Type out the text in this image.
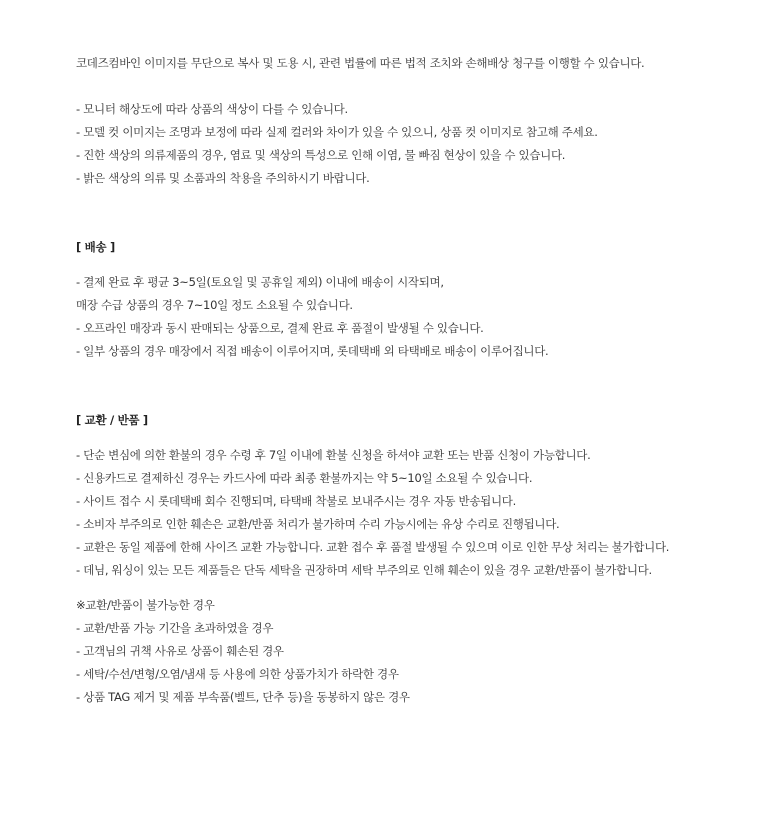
코데즈컴바인 이미지를 무단으로 복사 및 도용 시, 관련 법률에 따른 법적 조치와 손해배상 청구를 이행할 수 있습니다.
- 모니터 해상도에 따라 상품의 색상이 다를 수 있습니다.
- 모델 컷 이미지는 조명과 보정에 따라 실제 컬러와 차이가 있을 수 있으니, 상품 컷 이미지로 참고해 주세요.
- 진한 색상의 의류제품의 경우, 염료 및 색상의 특성으로 인해 이염, 물 빠짐 현상이 있을 수 있습니다.
- 밝은 색상의 의류 및 소품과의 착용을 주의하시기 바랍니다.
[ 배송 ]
- 결제 완료 후 평균 3~5일(토요일 및 공휴일 제외) 이내에 배송이 시작되며,
매장 수급 상품의 경우 7~10일 정도 소요될 수 있습니다.
- 오프라인 매장과 동시 판매되는 상품으로, 결제 완료 후 품절이 발생될 수 있습니다.
- 일부 상품의 경우 매장에서 직접 배송이 이루어지며, 롯데택배 외 타택배로 배송이 이루어집니다.
[ 교환 / 반품 ]
- 단순 변심에 의한 환불의 경우 수령 후 7일 이내에 환불 신청을 하셔야 교환 또는 반품 신청이 가능합니다.
- 신용카드로 결제하신 경우는 카드사에 따라 최종 환불까지는 약 5~10일 소요될 수 있습니다.
- 사이트 접수 시 롯데택배 회수 진행되며, 타택배 착불로 보내주시는 경우 자동 반송됩니다.
- 소비자 부주의로 인한 훼손은 교환/반품 처리가 불가하며 수리 가능시에는 유상 수리로 진행됩니다.
- 교환은 동일 제품에 한해 사이즈 교환 가능합니다. 교환 접수 후 품절 발생될 수 있으며 이로 인한 무상 처리는 불가합니다.
- 데님, 워싱이 있는 모든 제품들은 단독 세탁을 권장하며 세탁 부주의로 인해 훼손이 있을 경우 교환/반품이 불가합니다.
※교환/반품이 불가능한 경우
- 교환/반품 가능 기간을 초과하였을 경우
- 고객님의 귀책 사유로 상품이 훼손된 경우
- 세탁/수선/변형/오염/냄새 등 사용에 의한 상품가치가 하락한 경우
- 상품 TAG 제거 및 제품 부속품(벨트, 단추 등)을 동봉하지 않은 경우
